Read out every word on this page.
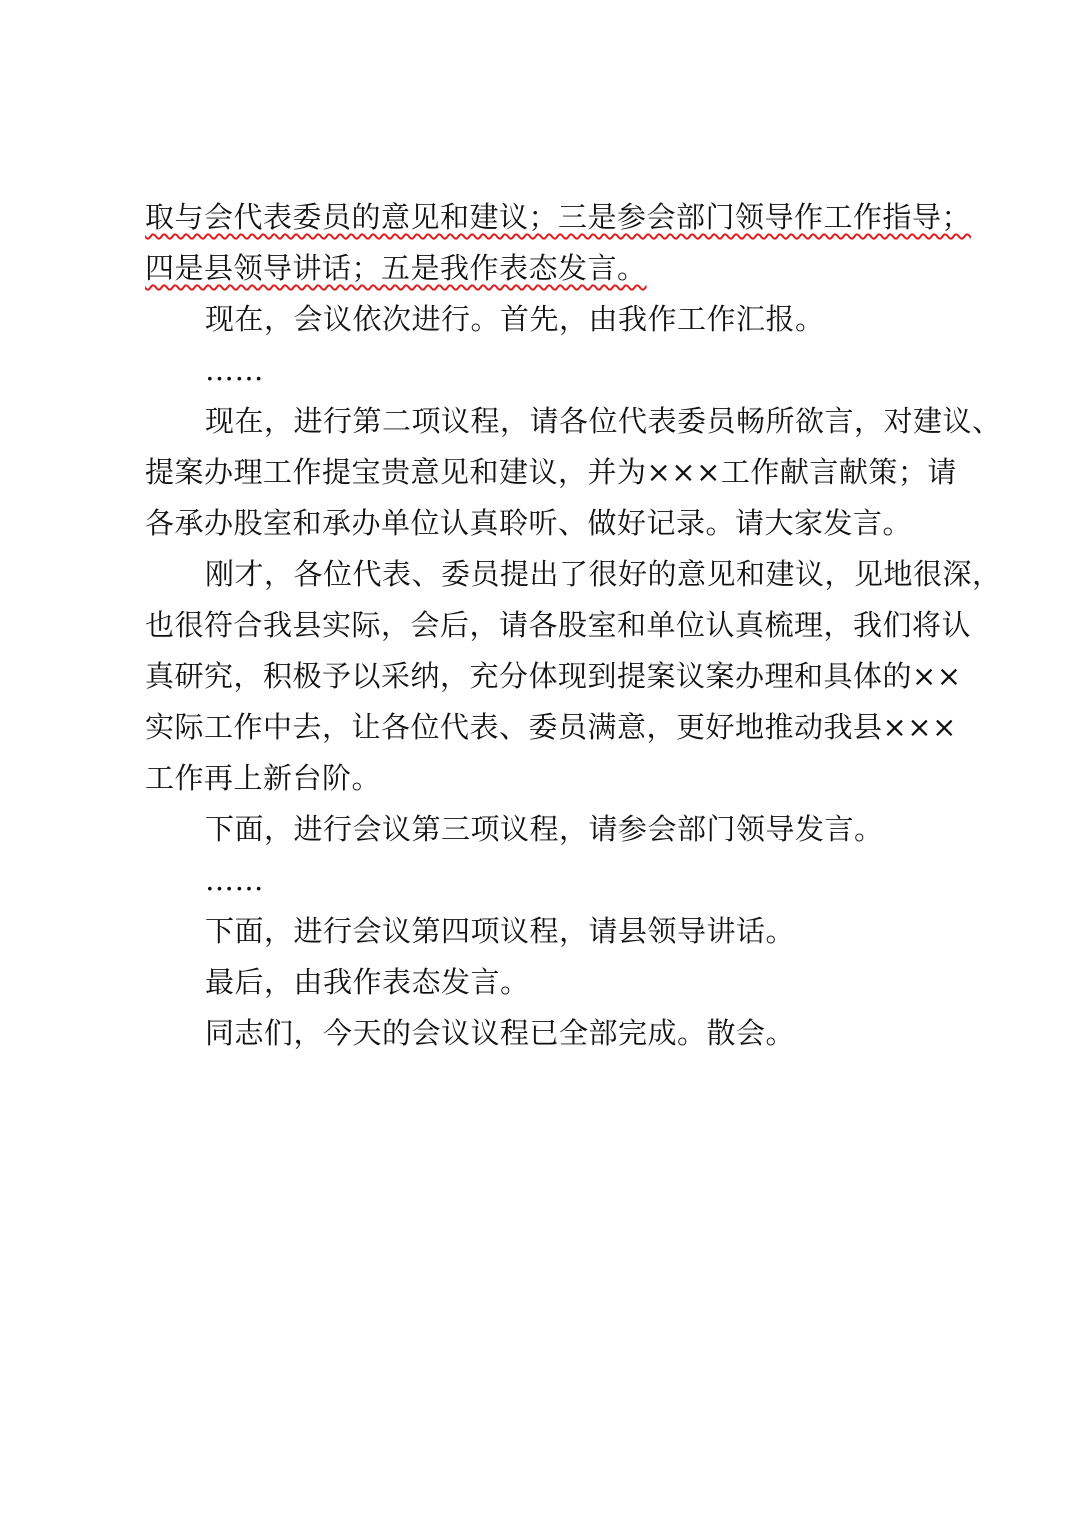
取与会代表委员的意见和建议；三是参会部门领导作工作指导；
四是县领导讲话；五是我作表态发言。
现在，会议依次进行。首先，由我作工作汇报。
……
现在，进行第二项议程，请各位代表委员畅所欲言，对建议、
提案办理工作提宝贵意见和建议，并为×××工作献言献策；请
各承办股室和承办单位认真聆听、做好记录。请大家发言。
刚才，各位代表、委员提出了很好的意见和建议，见地很深，
也很符合我县实际，会后，请各股室和单位认真梳理，我们将认
真研究，积极予以采纳，充分体现到提案议案办理和具体的××
实际工作中去，让各位代表、委员满意，更好地推动我县×××
工作再上新台阶。
下面，进行会议第三项议程，请参会部门领导发言。
……
下面，进行会议第四项议程，请县领导讲话。
最后，由我作表态发言。
同志们，今天的会议议程已全部完成。散会。
